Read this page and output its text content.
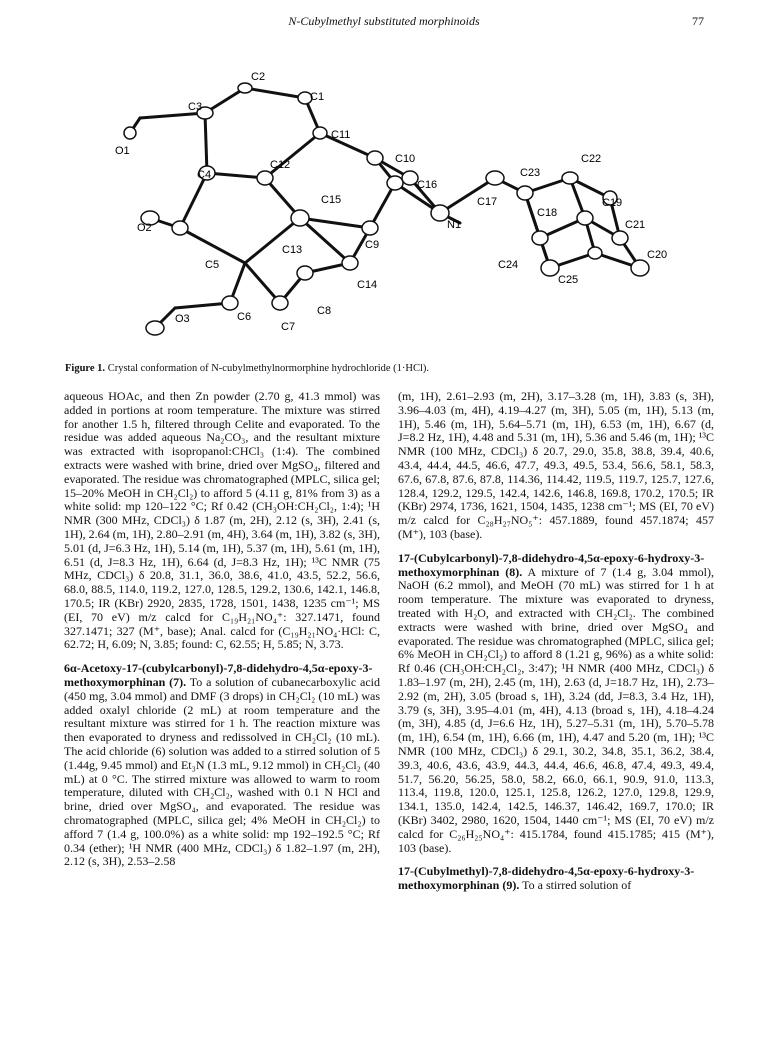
N-Cubylmethyl substituted morphinoids	77
C2
C1
C3
O1
C4
C11
C12	C10
C16
C17
C23
C22
O2
C15
N1
C18
C19
C9
C21
C5
C13
C24
C20
C14	C25
C8
O3	C6
C7
Figure 1. Crystal conformation of N-cubylmethylnormorphine hydrochloride (1·HCl).

aqueous HOAc, and then Zn powder (2.70 g, 41.3 mmol) was added in portions at room temperature. The mixture was stirred for another 1.5 h, filtered through Celite and evaporated. To the residue was added aqueous Na₂CO₃, and the resultant mixture was extracted with isopropanol:CHCl₃ (1:4). The combined extracts were washed with brine, dried over MgSO₄, filtered and evaporated. The residue was chromatographed (MPLC, silica gel; 15–20% MeOH in CH₂Cl₂) to afford 5 (4.11 g, 81% from 3) as a white solid: mp 120–122 °C; Rf 0.42 (CH₃OH:CH₂Cl₂, 1:4); ¹H NMR (300 MHz, CDCl₃) δ 1.87 (m, 2H), 2.12 (s, 3H), 2.41 (s, 1H), 2.64 (m, 1H), 2.80–2.91 (m, 4H), 3.64 (m, 1H), 3.82 (s, 3H), 5.01 (d, J=6.3 Hz, 1H), 5.14 (m, 1H), 5.37 (m, 1H), 5.61 (m, 1H), 6.51 (d, J=8.3 Hz, 1H), 6.64 (d, J=8.3 Hz, 1H); ¹³C NMR (75 MHz, CDCl₃) δ 20.8, 31.1, 36.0, 38.6, 41.0, 43.5, 52.2, 56.6, 68.0, 88.5, 114.0, 119.2, 127.0, 128.5, 129.2, 130.6, 142.1, 146.8, 170.5; IR (KBr) 2920, 2835, 1728, 1501, 1438, 1235 cm⁻¹; MS (EI, 70 eV) m/z calcd for C₁₉H₂₁NO₄⁺: 327.1471, found 327.1471; 327 (M⁺, base); Anal. calcd for (C₁₉H₂₁NO₄·HCl: C, 62.72; H, 6.09; N, 3.85; found: C, 62.55; H, 5.85; N, 3.73.

6α-Acetoxy-17-(cubylcarbonyl)-7,8-didehydro-4,5α-epoxy-3-methoxymorphinan (7). To a solution of cubanecarboxylic acid (450 mg, 3.04 mmol) and DMF (3 drops) in CH₂Cl₂ (10 mL) was added oxalyl chloride (2 mL) at room temperature and the resultant mixture was stirred for 1 h. The reaction mixture was then evaporated to dryness and redissolved in CH₂Cl₂ (10 mL). The acid chloride (6) solution was added to a stirred solution of 5 (1.44g, 9.45 mmol) and Et₃N (1.3 mL, 9.12 mmol) in CH₂Cl₂ (40 mL) at 0 °C. The stirred mixture was allowed to warm to room temperature, diluted with CH₂Cl₂, washed with 0.1 N HCl and brine, dried over MgSO₄, and evaporated. The residue was chromatographed (MPLC, silica gel; 4% MeOH in CH₂Cl₂) to afford 7 (1.4 g, 100.0%) as a white solid: mp 192–192.5 °C; Rf 0.34 (ether); ¹H NMR (400 MHz, CDCl₃) δ 1.82–1.97 (m, 2H), 2.12 (s, 3H), 2.53–2.58

(m, 1H), 2.61–2.93 (m, 2H), 3.17–3.28 (m, 1H), 3.83 (s, 3H), 3.96–4.03 (m, 4H), 4.19–4.27 (m, 3H), 5.05 (m, 1H), 5.13 (m, 1H), 5.46 (m, 1H), 5.64–5.71 (m, 1H), 6.53 (m, 1H), 6.67 (d, J=8.2 Hz, 1H), 4.48 and 5.31 (m, 1H), 5.36 and 5.46 (m, 1H); ¹³C NMR (100 MHz, CDCl₃) δ 20.7, 29.0, 35.8, 38.8, 39.4, 40.6, 43.4, 44.4, 44.5, 46.6, 47.7, 49.3, 49.5, 53.4, 56.6, 58.1, 58.3, 67.6, 67.8, 87.6, 87.8, 114.36, 114.42, 119.5, 119.7, 125.7, 127.6, 128.4, 129.2, 129.5, 142.4, 142.6, 146.8, 169.8, 170.2, 170.5; IR (KBr) 2974, 1736, 1621, 1504, 1435, 1238 cm⁻¹; MS (EI, 70 eV) m/z calcd for C₂₈H₂₇NO₅⁺: 457.1889, found 457.1874; 457 (M⁺), 103 (base).

17-(Cubylcarbonyl)-7,8-didehydro-4,5α-epoxy-6-hydroxy-3-methoxymorphinan (8). A mixture of 7 (1.4 g, 3.04 mmol), NaOH (6.2 mmol), and MeOH (70 mL) was stirred for 1 h at room temperature. The mixture was evaporated to dryness, treated with H₂O, and extracted with CH₂Cl₂. The combined extracts were washed with brine, dried over MgSO₄ and evaporated. The residue was chromatographed (MPLC, silica gel; 6% MeOH in CH₂Cl₂) to afford 8 (1.21 g, 96%) as a white solid: Rf 0.46 (CH₃OH:CH₂Cl₂, 3:47); ¹H NMR (400 MHz, CDCl₃) δ 1.83–1.97 (m, 2H), 2.45 (m, 1H), 2.63 (d, J=18.7 Hz, 1H), 2.73–2.92 (m, 2H), 3.05 (broad s, 1H), 3.24 (dd, J=8.3, 3.4 Hz, 1H), 3.79 (s, 3H), 3.95–4.01 (m, 4H), 4.13 (broad s, 1H), 4.18–4.24 (m, 3H), 4.85 (d, J=6.6 Hz, 1H), 5.27–5.31 (m, 1H), 5.70–5.78 (m, 1H), 6.54 (m, 1H), 6.66 (m, 1H), 4.47 and 5.20 (m, 1H); ¹³C NMR (100 MHz, CDCl₃) δ 29.1, 30.2, 34.8, 35.1, 36.2, 38.4, 39.3, 40.6, 43.6, 43.9, 44.3, 44.4, 46.6, 46.8, 47.4, 49.3, 49.4, 51.7, 56.20, 56.25, 58.0, 58.2, 66.0, 66.1, 90.9, 91.0, 113.3, 113.4, 119.8, 120.0, 125.1, 125.8, 126.2, 127.0, 129.8, 129.9, 134.1, 135.0, 142.4, 142.5, 146.37, 146.42, 169.7, 170.0; IR (KBr) 3402, 2980, 1620, 1504, 1440 cm⁻¹; MS (EI, 70 eV) m/z calcd for C₂₆H₂₅NO₄⁺: 415.1784, found 415.1785; 415 (M⁺), 103 (base).

17-(Cubylmethyl)-7,8-didehydro-4,5α-epoxy-6-hydroxy-3-methoxymorphinan (9). To a stirred solution of
